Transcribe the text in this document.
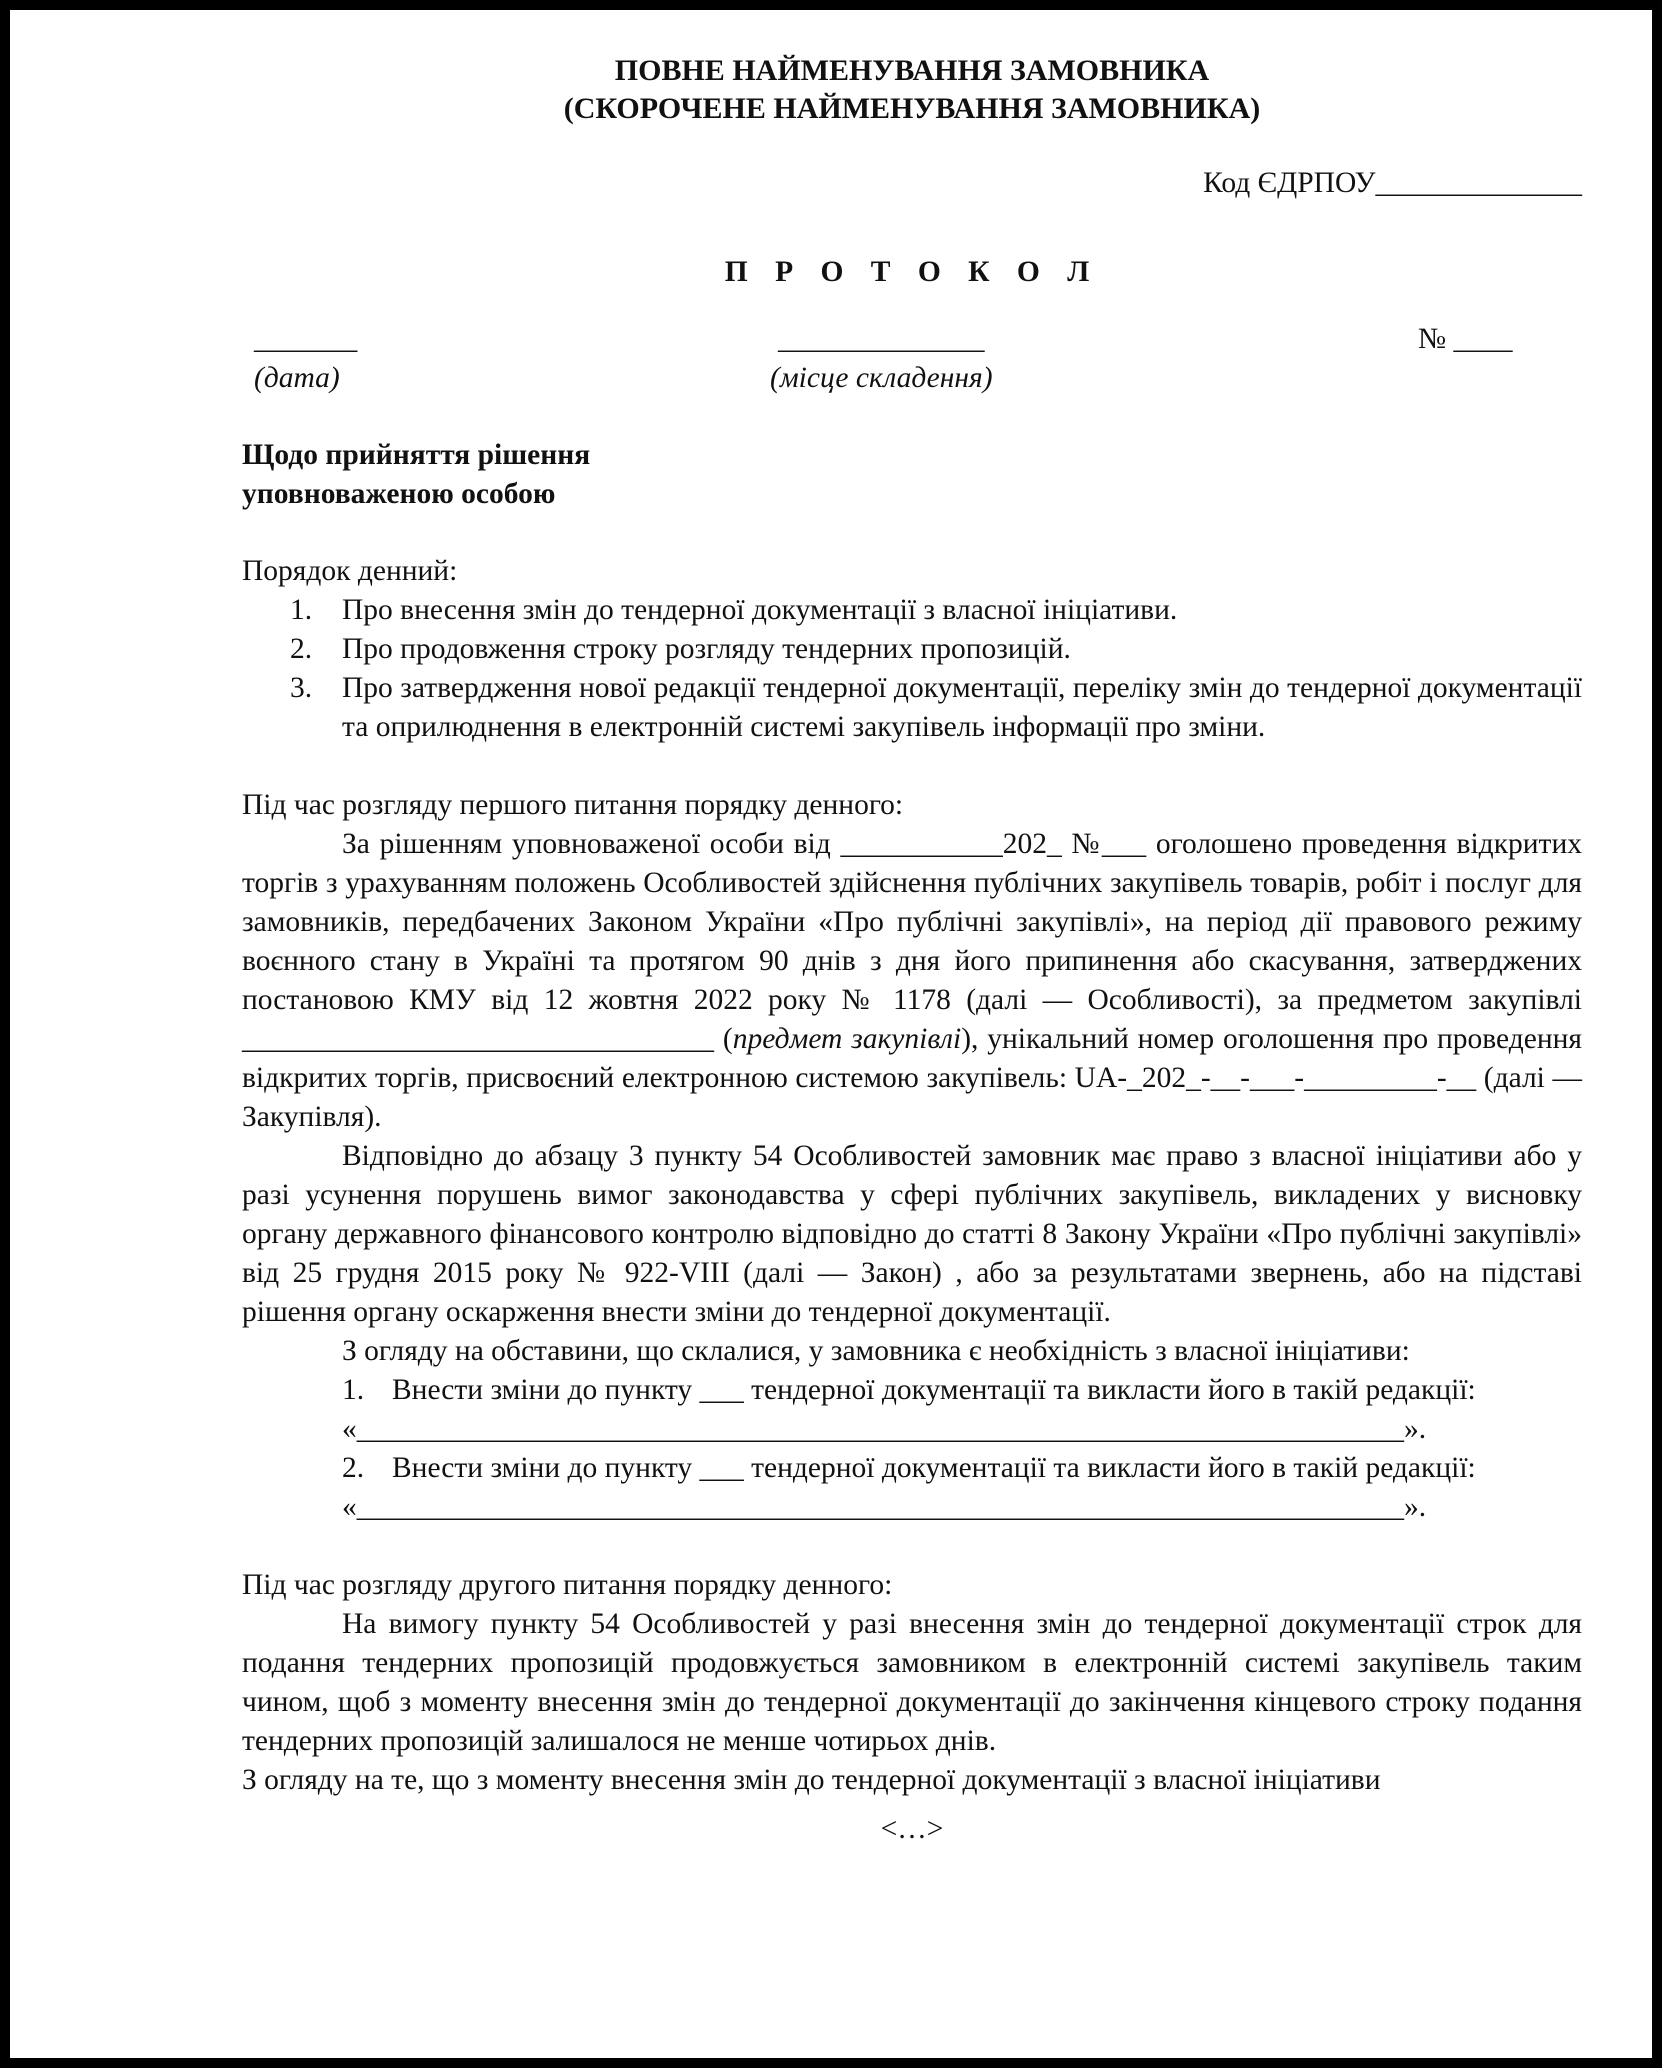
ПОВНЕ НАЙМЕНУВАННЯ ЗАМОВНИКА
(СКОРОЧЕНЕ НАЙМЕНУВАННЯ ЗАМОВНИКА)
Код ЄДРПОУ______________
П Р О Т О К О Л
_______
(дата)
______________
(місце складення)
№ ____
Щодо прийняття рішення
уповноваженою особою
Порядок денний:
1. Про внесення змін до тендерної документації з власної ініціативи.
2. Про продовження строку розгляду тендерних пропозицій.
3. Про затвердження нової редакції тендерної документації, переліку змін до тендерної документації та оприлюднення в електронній системі закупівель інформації про зміни.
Під час розгляду першого питання порядку денного:

За рішенням уповноваженої особи від ___________202_ №___ оголошено проведення відкритих торгів з урахуванням положень Особливостей здійснення публічних закупівель товарів, робіт і послуг для замовників, передбачених Законом України «Про публічні закупівлі», на період дії правового режиму воєнного стану в Україні та протягом 90 днів з дня його припинення або скасування, затверджених постановою КМУ від 12 жовтня 2022 року № 1178 (далі — Особливості), за предметом закупівлі ________________________________ (предмет закупівлі), унікальний номер оголошення про проведення відкритих торгів, присвоєний електронною системою закупівель: UA-_202_-__-___-_________-__ (далі — Закупівля).

Відповідно до абзацу 3 пункту 54 Особливостей замовник має право з власної ініціативи або у разі усунення порушень вимог законодавства у сфері публічних закупівель, викладених у висновку органу державного фінансового контролю відповідно до статті 8 Закону України «Про публічні закупівлі» від 25 грудня 2015 року № 922-VIII (далі — Закон) , або за результатами звернень, або на підставі рішення органу оскарження внести зміни до тендерної документації.

З огляду на обставини, що склалися, у замовника є необхідність з власної ініціативи:

1. Внести зміни до пункту ___ тендерної документації та викласти його в такій редакції:
«_______________________________________________________________________».
2. Внести зміни до пункту ___ тендерної документації та викласти його в такій редакції:
«_______________________________________________________________________».
Під час розгляду другого питання порядку денного:

На вимогу пункту 54 Особливостей у разі внесення змін до тендерної документації строк для подання тендерних пропозицій продовжується замовником в електронній системі закупівель таким чином, щоб з моменту внесення змін до тендерної документації до закінчення кінцевого строку подання тендерних пропозицій залишалося не менше чотирьох днів.

З огляду на те, що з моменту внесення змін до тендерної документації з власної ініціативи

<…>
